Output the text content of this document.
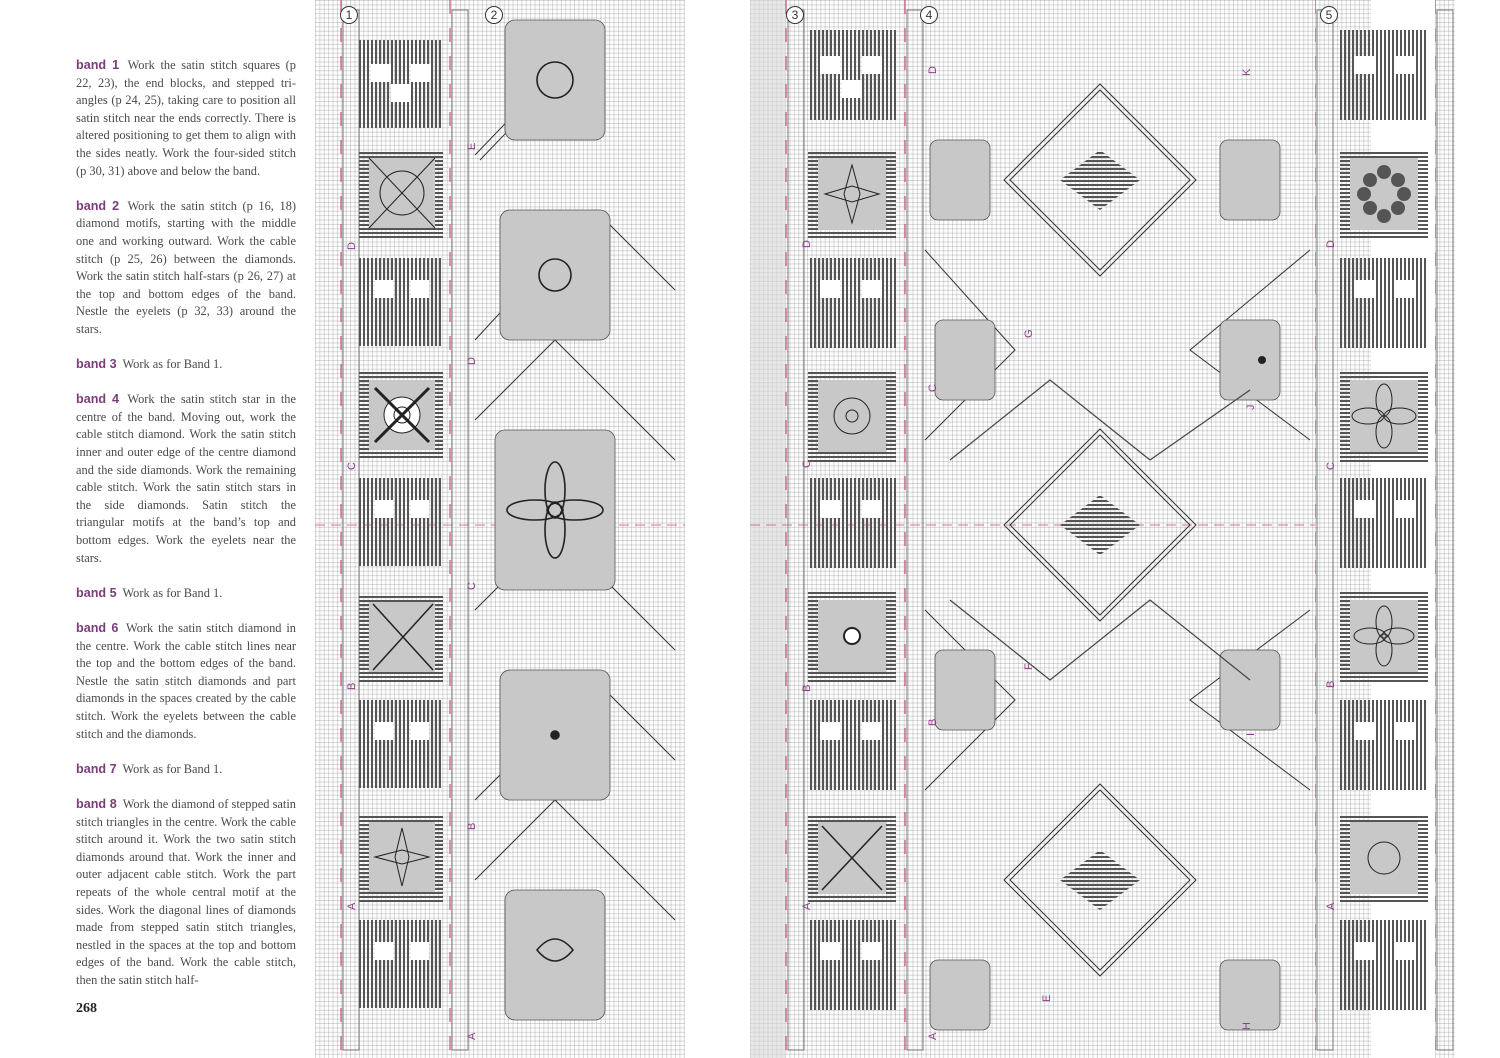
band 1 Work the satin stitch squares (p 22, 23), the end blocks, and stepped tri-angles (p 24, 25), taking care to position all satin stitch near the ends correctly. There is altered positioning to get them to align with the sides neatly. Work the four-sided stitch (p 30, 31) above and below the band.

band 2 Work the satin stitch (p 16, 18) diamond motifs, starting with the middle one and working outward. Work the cable stitch (p 25, 26) between the diamonds. Work the satin stitch half-stars (p 26, 27) at the top and bottom edges of the band. Nestle the eyelets (p 32, 33) around the stars.

band 3 Work as for Band 1.

band 4 Work the satin stitch star in the centre of the band. Moving out, work the cable stitch diamond. Work the satin stitch inner and outer edge of the centre diamond and the side diamonds. Work the remaining cable stitch. Work the satin stitch stars in the side diamonds. Satin stitch the triangular motifs at the band’s top and bottom edges. Work the eyelets near the stars.

band 5 Work as for Band 1.

band 6 Work the satin stitch diamond in the centre. Work the cable stitch lines near the top and the bottom edges of the band. Nestle the satin stitch diamonds and part diamonds in the spaces created by the cable stitch. Work the eyelets between the cable stitch and the diamonds.

band 7 Work as for Band 1.

band 8 Work the diamond of stepped satin stitch triangles in the centre. Work the cable stitch around it. Work the two satin stitch diamonds around that. Work the inner and outer adjacent cable stitch. Work the part repeats of the whole central motif at the sides. Work the diagonal lines of diamonds made from stepped satin stitch triangles, nestled in the spaces at the top and bottom edges of the band. Work the cable stitch, then the satin stitch half-

268
1	2
D
C
B
A
A
B
C
D
E
3	4
D
C
B
A
A
B
C
D
E
F
G
H
I
J
K
5
D
C
B
A
